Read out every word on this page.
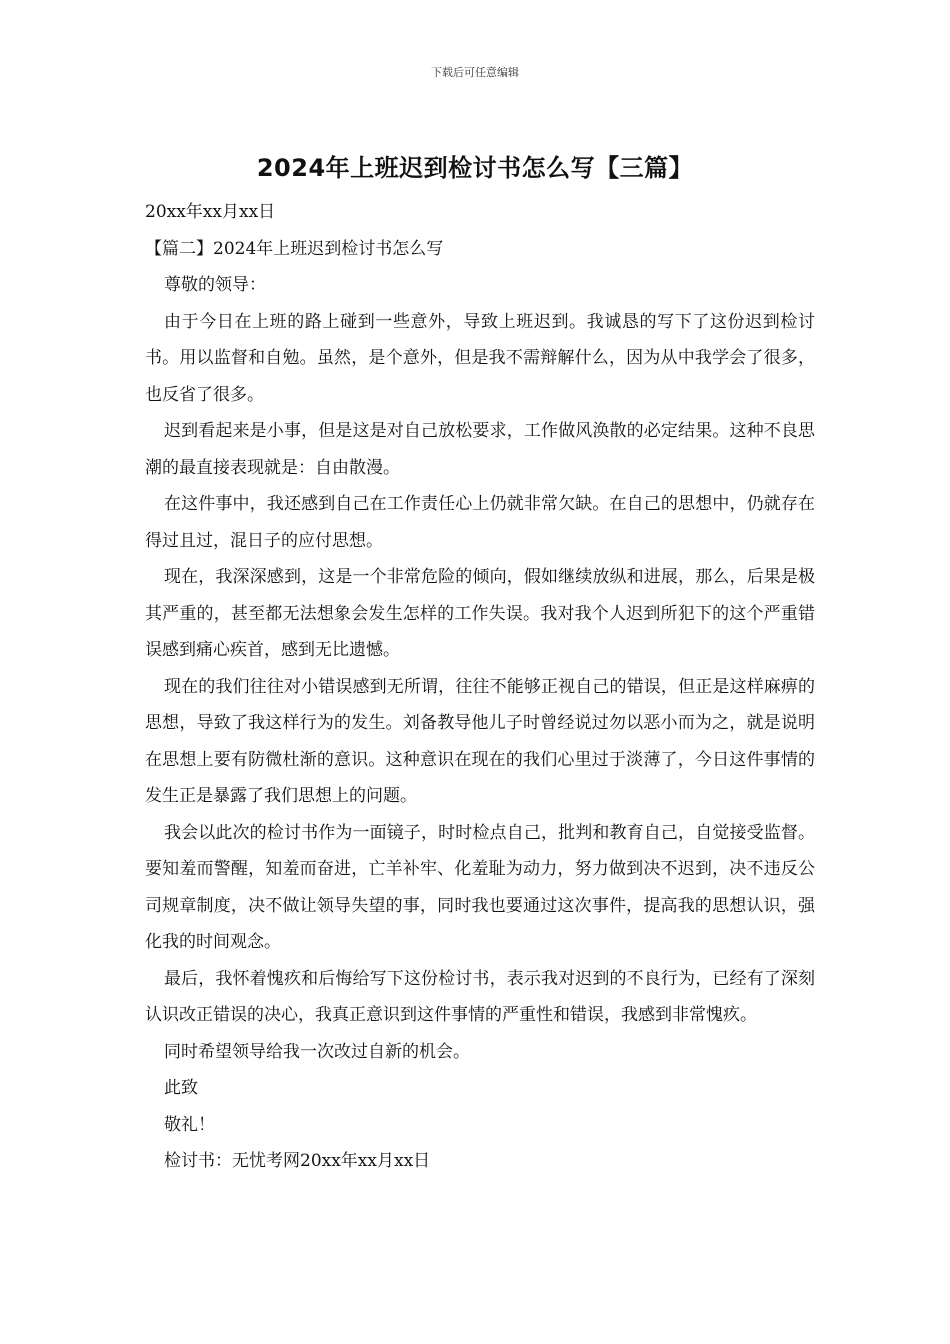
下载后可任意编辑
2024年上班迟到检讨书怎么写【三篇】

20xx年xx月xx日

【篇二】2024年上班迟到检讨书怎么写

尊敬的领导：

由于今日在上班的路上碰到一些意外，导致上班迟到。我诚恳的写下了这份迟到检讨书。用以监督和自勉。虽然，是个意外，但是我不需辩解什么，因为从中我学会了很多，也反省了很多。

迟到看起来是小事，但是这是对自己放松要求，工作做风涣散的必定结果。这种不良思潮的最直接表现就是：自由散漫。

在这件事中，我还感到自己在工作责任心上仍就非常欠缺。在自己的思想中，仍就存在得过且过，混日子的应付思想。

现在，我深深感到，这是一个非常危险的倾向，假如继续放纵和进展，那么，后果是极其严重的，甚至都无法想象会发生怎样的工作失误。我对我个人迟到所犯下的这个严重错误感到痛心疾首，感到无比遗憾。

现在的我们往往对小错误感到无所谓，往往不能够正视自己的错误，但正是这样麻痹的思想，导致了我这样行为的发生。刘备教导他儿子时曾经说过勿以恶小而为之，就是说明在思想上要有防微杜渐的意识。这种意识在现在的我们心里过于淡薄了，今日这件事情的发生正是暴露了我们思想上的问题。

我会以此次的检讨书作为一面镜子，时时检点自己，批判和教育自己，自觉接受监督。要知羞而警醒，知羞而奋进，亡羊补牢、化羞耻为动力，努力做到决不迟到，决不违反公司规章制度，决不做让领导失望的事，同时我也要通过这次事件，提高我的思想认识，强化我的时间观念。

最后，我怀着愧疚和后悔给写下这份检讨书，表示我对迟到的不良行为，已经有了深刻认识改正错误的决心，我真正意识到这件事情的严重性和错误，我感到非常愧疚。

同时希望领导给我一次改过自新的机会。

此致

敬礼！

检讨书：无忧考网20xx年xx月xx日
